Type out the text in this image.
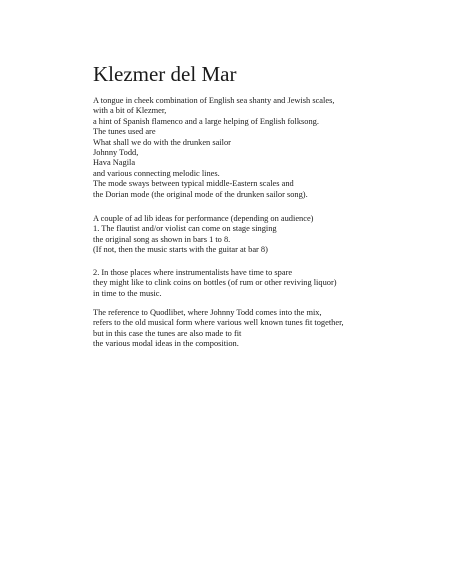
Klezmer del Mar
A tongue in cheek combination of English sea shanty and Jewish scales,
with a bit of Klezmer,
a hint of Spanish flamenco and a large helping of English folksong.
The tunes used are
What shall we do with the drunken sailor
Johnny Todd,
Hava Nagila
and various connecting melodic lines.
The mode sways between typical middle-Eastern scales and
the Dorian mode (the original mode of the drunken sailor song).
A couple of ad lib ideas for performance (depending on audience)
1. The flautist and/or violist can come on stage singing
the original song as shown in bars 1 to 8.
(If not, then the music starts with the guitar at bar 8)
2. In those places where instrumentalists have time to spare
they might like to clink coins on bottles (of rum or other reviving liquor)
in time to the music.
The reference to Quodlibet, where Johnny Todd comes into the mix,
refers to the old musical form where various well known tunes fit together,
but in this case the tunes are also made to fit
the various modal ideas in the composition.
